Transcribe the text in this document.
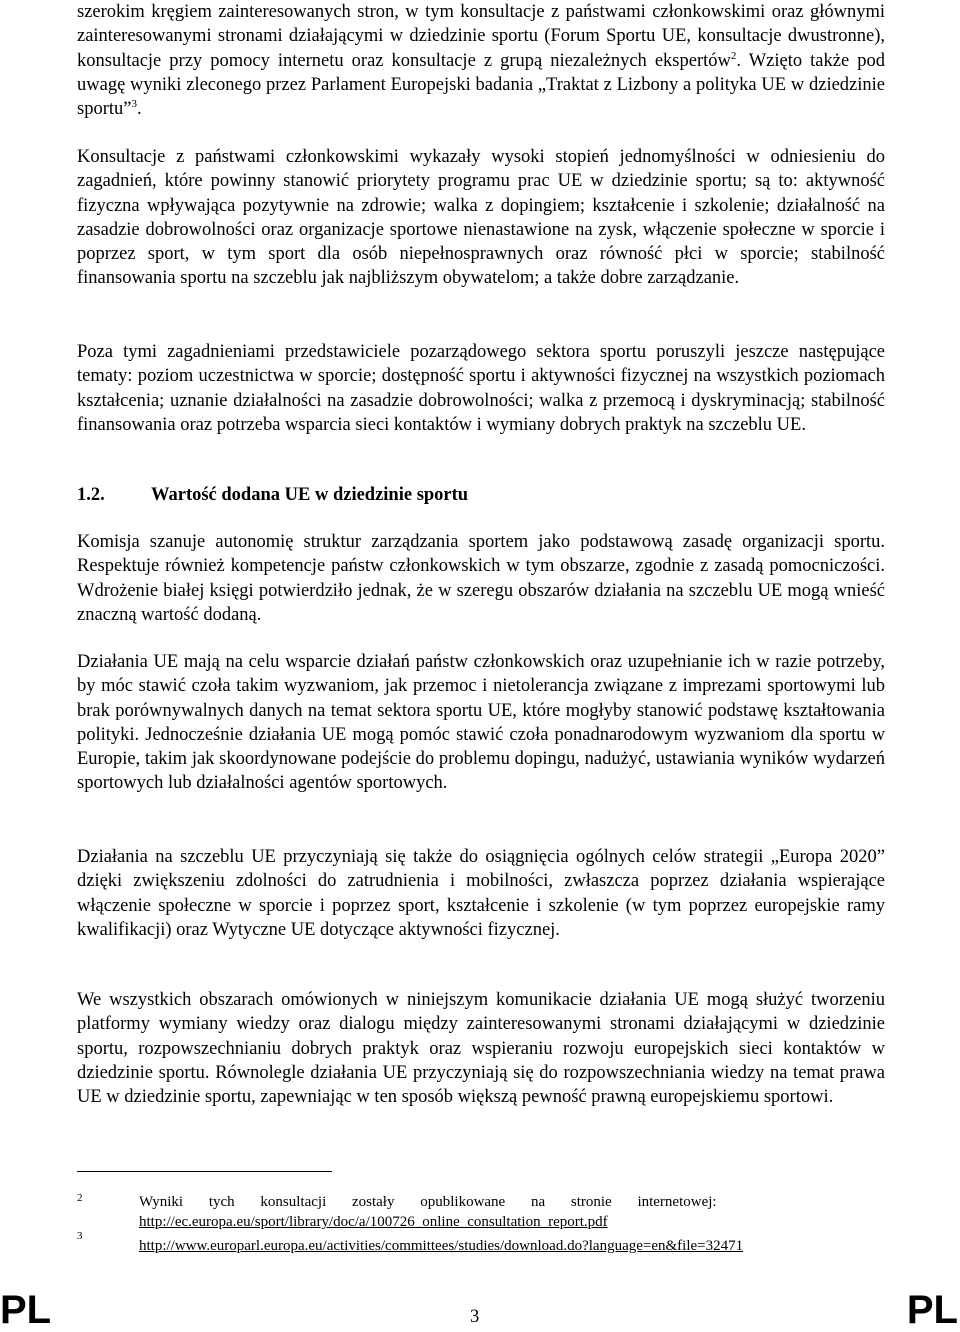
szerokim kręgiem zainteresowanych stron, w tym konsultacje z państwami członkowskimi oraz głównymi zainteresowanymi stronami działającymi w dziedzinie sportu (Forum Sportu UE, konsultacje dwustronne), konsultacje przy pomocy internetu oraz konsultacje z grupą niezależnych ekspertów$^2$. Wzięto także pod uwagę wyniki zleconego przez Parlament Europejski badania „Traktat z Lizbony a polityka UE w dziedzinie sportu”$^3$.

Konsultacje z państwami członkowskimi wykazały wysoki stopień jednomyślności w odniesieniu do zagadnień, które powinny stanowić priorytety programu prac UE w dziedzinie sportu; są to: aktywność fizyczna wpływająca pozytywnie na zdrowie; walka z dopingiem; kształcenie i szkolenie; działalność na zasadzie dobrowolności oraz organizacje sportowe nienastawione na zysk, włączenie społeczne w sporcie i poprzez sport, w tym sport dla osób niepełnosprawnych oraz równość płci w sporcie; stabilność finansowania sportu na szczeblu jak najbliższym obywatelom; a także dobre zarządzanie.

Poza tymi zagadnieniami przedstawiciele pozarządowego sektora sportu poruszyli jeszcze następujące tematy: poziom uczestnictwa w sporcie; dostępność sportu i aktywności fizycznej na wszystkich poziomach kształcenia; uznanie działalności na zasadzie dobrowolności; walka z przemocą i dyskryminacją; stabilność finansowania oraz potrzeba wsparcia sieci kontaktów i wymiany dobrych praktyk na szczeblu UE.

1.2.	Wartość dodana UE w dziedzinie sportu

Komisja szanuje autonomię struktur zarządzania sportem jako podstawową zasadę organizacji sportu. Respektuje również kompetencje państw członkowskich w tym obszarze, zgodnie z zasadą pomocniczości. Wdrożenie białej księgi potwierdziło jednak, że w szeregu obszarów działania na szczeblu UE mogą wnieść znaczną wartość dodaną.

Działania UE mają na celu wsparcie działań państw członkowskich oraz uzupełnianie ich w razie potrzeby, by móc stawić czoła takim wyzwaniom, jak przemoc i nietolerancja związane z imprezami sportowymi lub brak porównywalnych danych na temat sektora sportu UE, które mogłyby stanowić podstawę kształtowania polityki. Jednocześnie działania UE mogą pomóc stawić czoła ponadnarodowym wyzwaniom dla sportu w Europie, takim jak skoordynowane podejście do problemu dopingu, nadużyć, ustawiania wyników wydarzeń sportowych lub działalności agentów sportowych.

Działania na szczeblu UE przyczyniają się także do osiągnięcia ogólnych celów strategii „Europa 2020” dzięki zwiększeniu zdolności do zatrudnienia i mobilności, zwłaszcza poprzez działania wspierające włączenie społeczne w sporcie i poprzez sport, kształcenie i szkolenie (w tym poprzez europejskie ramy kwalifikacji) oraz Wytyczne UE dotyczące aktywności fizycznej.

We wszystkich obszarach omówionych w niniejszym komunikacie działania UE mogą służyć tworzeniu platformy wymiany wiedzy oraz dialogu między zainteresowanymi stronami działającymi w dziedzinie sportu, rozpowszechnianiu dobrych praktyk oraz wspieraniu rozwoju europejskich sieci kontaktów w dziedzinie sportu. Równolegle działania UE przyczyniają się do rozpowszechniania wiedzy na temat prawa UE w dziedzinie sportu, zapewniając w ten sposób większą pewność prawną europejskiemu sportowi.

2	Wyniki tych konsultacji zostały opublikowane na stronie internetowej:
http://ec.europa.eu/sport/library/doc/a/100726_online_consultation_report.pdf
3
http://www.europarl.europa.eu/activities/committees/studies/download.do?language=en&file=32471
PL	3	PL
